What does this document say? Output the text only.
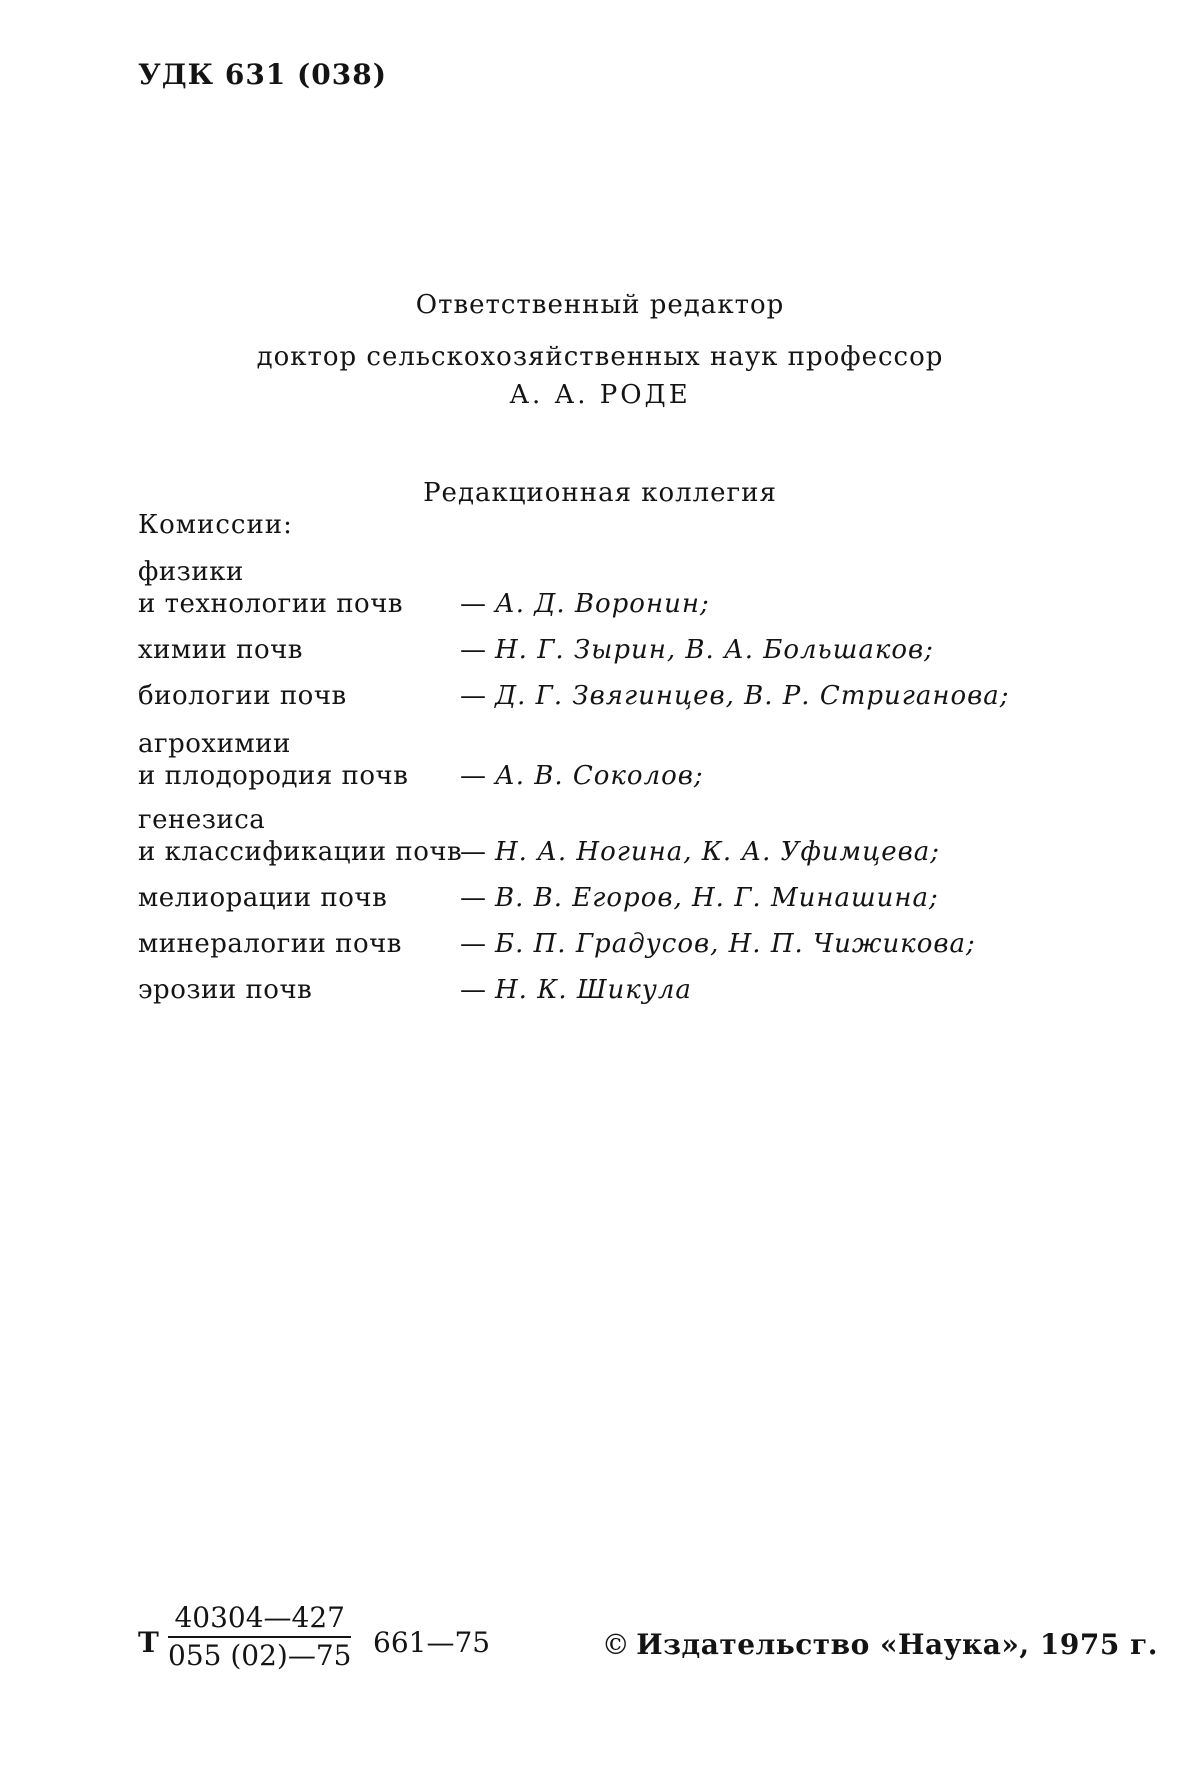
УДК 631 (038)
Ответственный редактор
доктор сельскохозяйственных наук профессор
А. А. РОДЕ
Редакционная коллегия
Комиссии:
физики
и технологии почв	— А. Д. Воронин;
химии почв	— Н. Г. Зырин, В. А. Большаков;
биологии почв	— Д. Г. Звягинцев, В. Р. Стриганова;
агрохимии
и плодородия почв	— А. В. Соколов;
генезиса
и классификации почв
— Н. А. Ногина, К. А. Уфимцева;
мелиорации почв	— В. В. Егоров, Н. Г. Минашина;
минералогии почв	— Б. П. Градусов, Н. П. Чижикова;
эрозии почв	— Н. К. Шикула
Т $\frac{40304—427}{055 (02)—75}$ 661—75	© Издательство «Наука», 1975 г.
